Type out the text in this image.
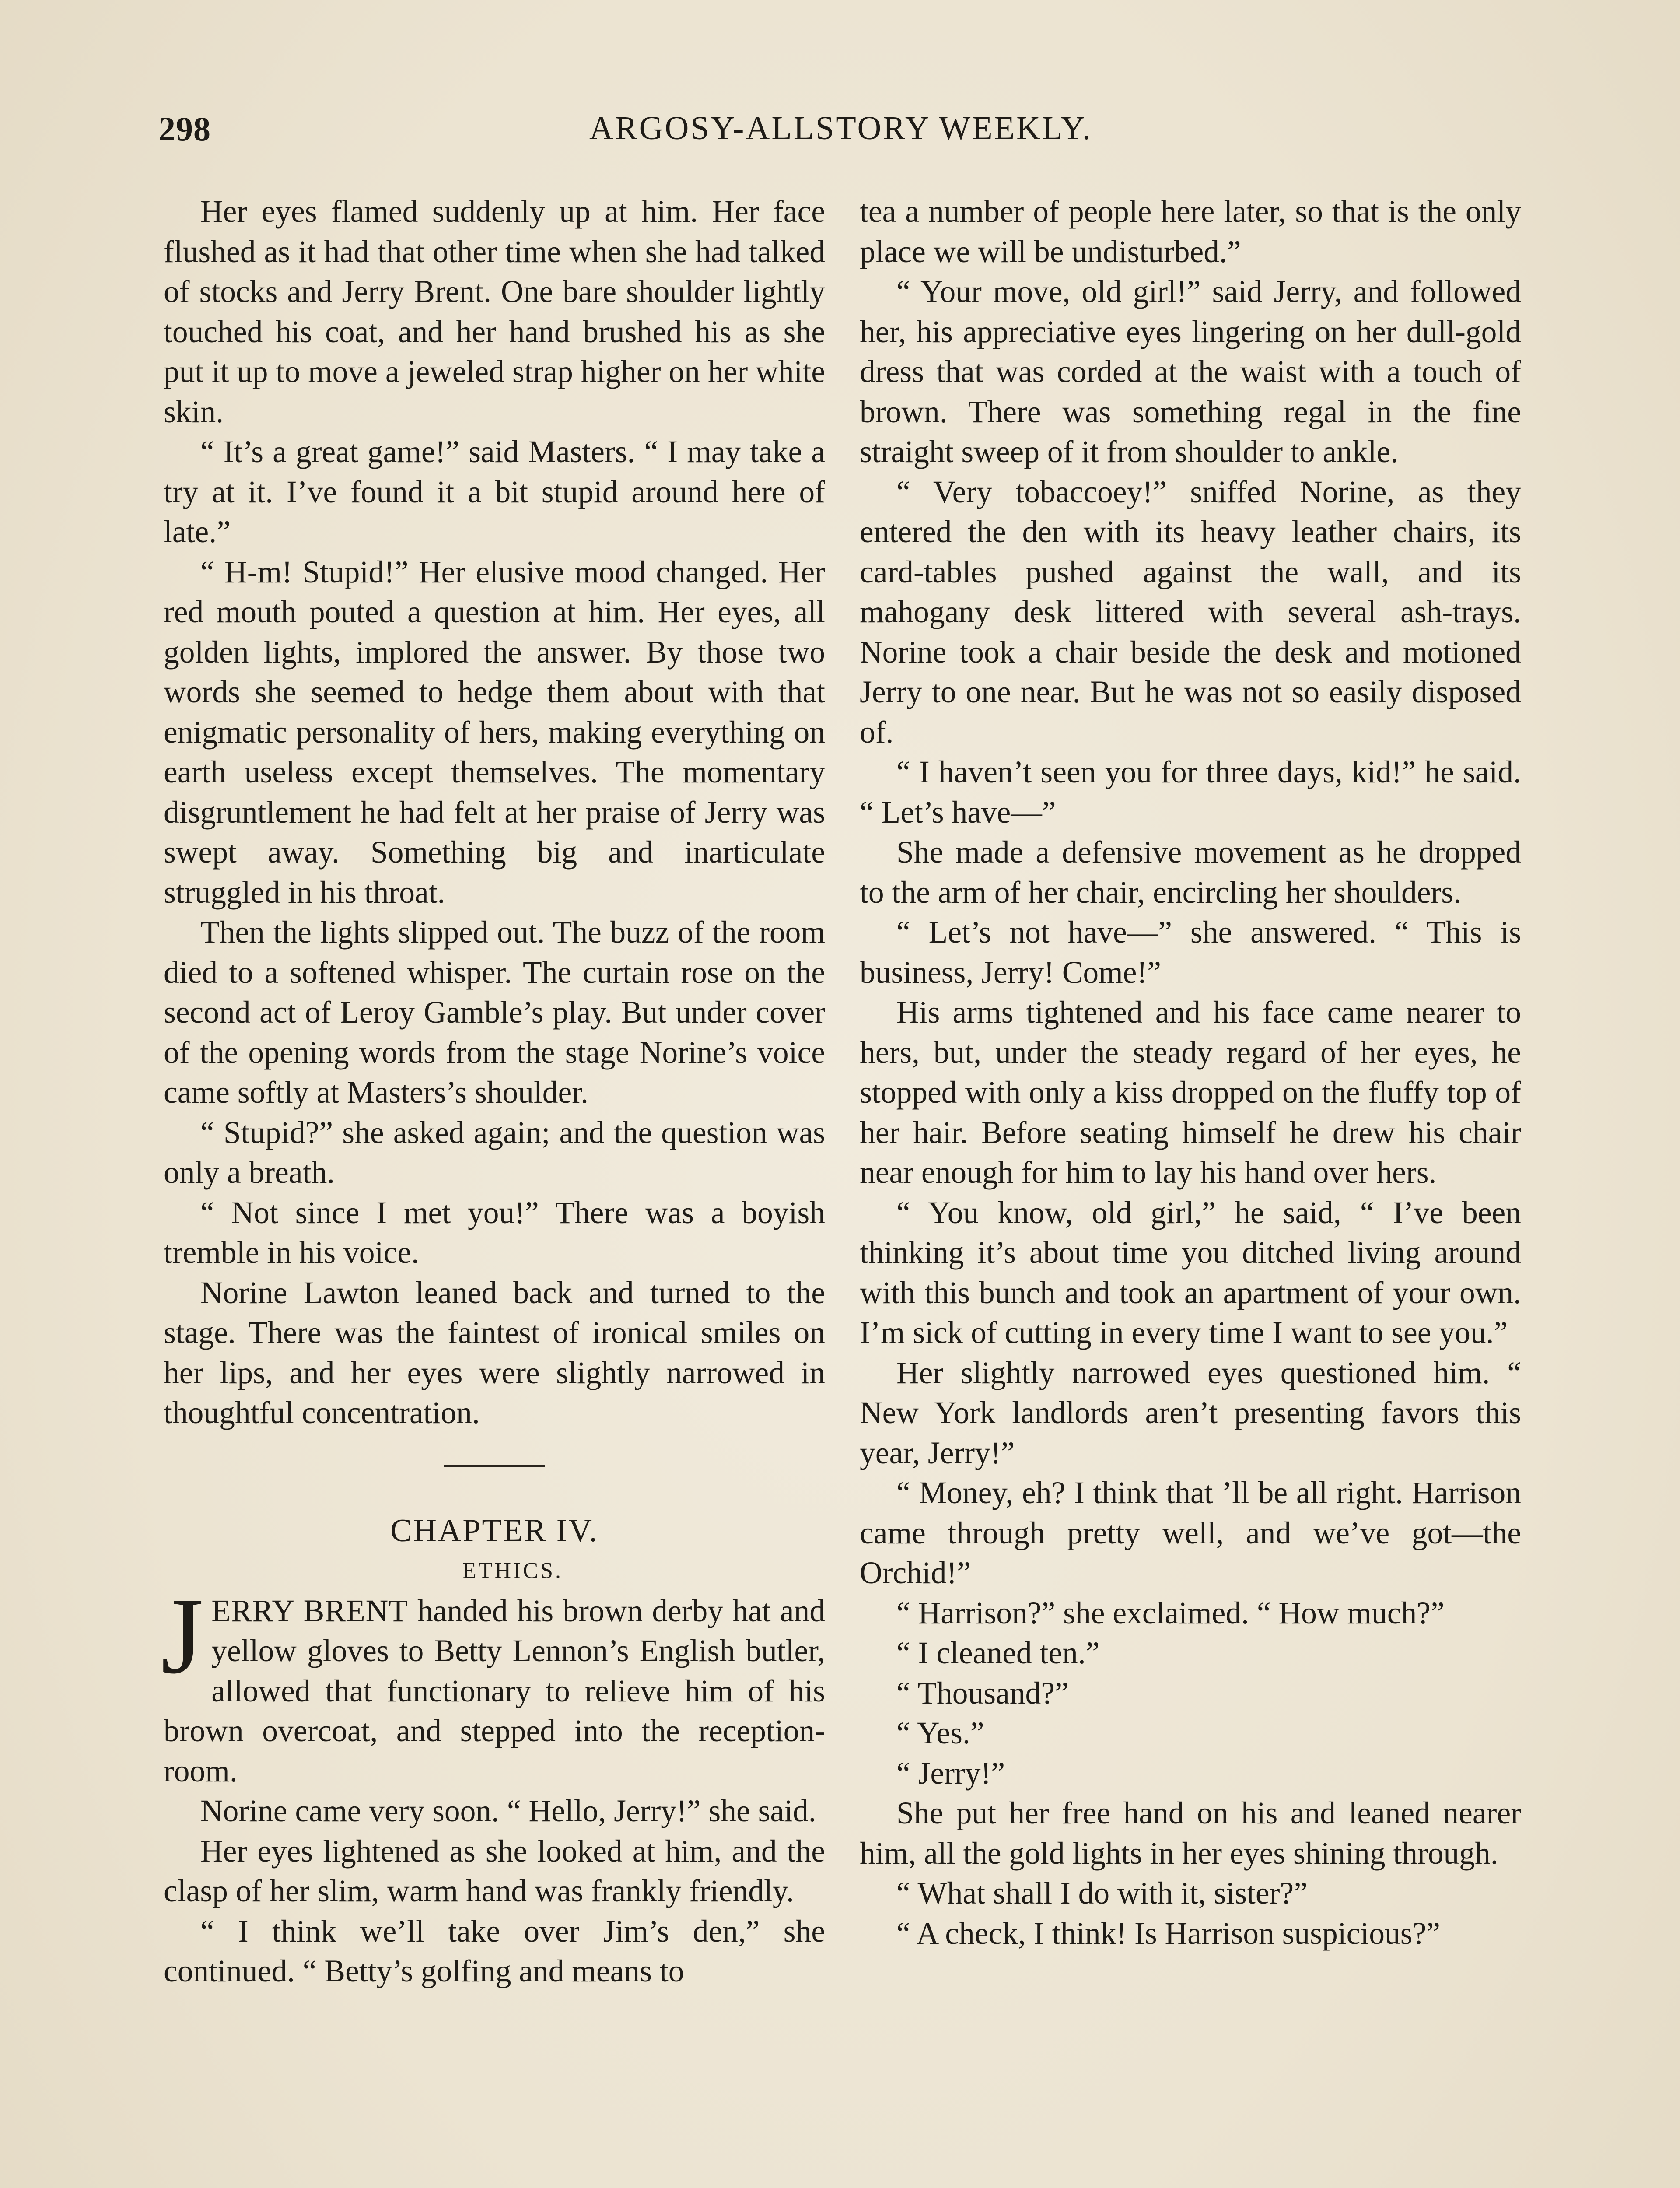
298	ARGOSY-ALLSTORY WEEKLY.

Her eyes flamed suddenly up at him. Her face flushed as it had that other time when she had talked of stocks and Jerry Brent. One bare shoulder lightly touched his coat, and her hand brushed his as she put it up to move a jeweled strap higher on her white skin.

“ It’s a great game!” said Masters. “ I may take a try at it. I’ve found it a bit stupid around here of late.”

“ H-m! Stupid!” Her elusive mood changed. Her red mouth pouted a question at him. Her eyes, all golden lights, implored the answer. By those two words she seemed to hedge them about with that enigmatic personality of hers, making everything on earth useless except themselves. The momentary disgruntlement he had felt at her praise of Jerry was swept away. Something big and inarticulate struggled in his throat.

Then the lights slipped out. The buzz of the room died to a softened whisper. The curtain rose on the second act of Leroy Gamble’s play. But under cover of the opening words from the stage Norine’s voice came softly at Masters’s shoulder.

“ Stupid?” she asked again; and the question was only a breath.

“ Not since I met you!” There was a boyish tremble in his voice.

Norine Lawton leaned back and turned to the stage. There was the faintest of ironical smiles on her lips, and her eyes were slightly narrowed in thoughtful concentration.

CHAPTER IV.

ETHICS.

JERRY BRENT handed his brown derby hat and yellow gloves to Betty Lennon’s English butler, allowed that functionary to relieve him of his brown overcoat, and stepped into the reception-room.

Norine came very soon. “ Hello, Jerry!” she said.

Her eyes lightened as she looked at him, and the clasp of her slim, warm hand was frankly friendly.

“ I think we’ll take over Jim’s den,” she continued. “ Betty’s golfing and means to

tea a number of people here later, so that is the only place we will be undisturbed.”

“ Your move, old girl!” said Jerry, and followed her, his appreciative eyes lingering on her dull-gold dress that was corded at the waist with a touch of brown. There was something regal in the fine straight sweep of it from shoulder to ankle.

“ Very tobaccoey!” sniffed Norine, as they entered the den with its heavy leather chairs, its card-tables pushed against the wall, and its mahogany desk littered with several ash-trays. Norine took a chair beside the desk and motioned Jerry to one near. But he was not so easily disposed of.

“ I haven’t seen you for three days, kid!” he said. “ Let’s have—”

She made a defensive movement as he dropped to the arm of her chair, encircling her shoulders.

“ Let’s not have—” she answered. “ This is business, Jerry! Come!”

His arms tightened and his face came nearer to hers, but, under the steady regard of her eyes, he stopped with only a kiss dropped on the fluffy top of her hair. Before seating himself he drew his chair near enough for him to lay his hand over hers.

“ You know, old girl,” he said, “ I’ve been thinking it’s about time you ditched living around with this bunch and took an apartment of your own. I’m sick of cutting in every time I want to see you.”

Her slightly narrowed eyes questioned him. “ New York landlords aren’t presenting favors this year, Jerry!”

“ Money, eh? I think that ’ll be all right. Harrison came through pretty well, and we’ve got—the Orchid!”

“ Harrison?” she exclaimed. “ How much?”

“ I cleaned ten.”

“ Thousand?”

“ Yes.”

“ Jerry!”

She put her free hand on his and leaned nearer him, all the gold lights in her eyes shining through.

“ What shall I do with it, sister?”

“ A check, I think! Is Harrison suspicious?”
